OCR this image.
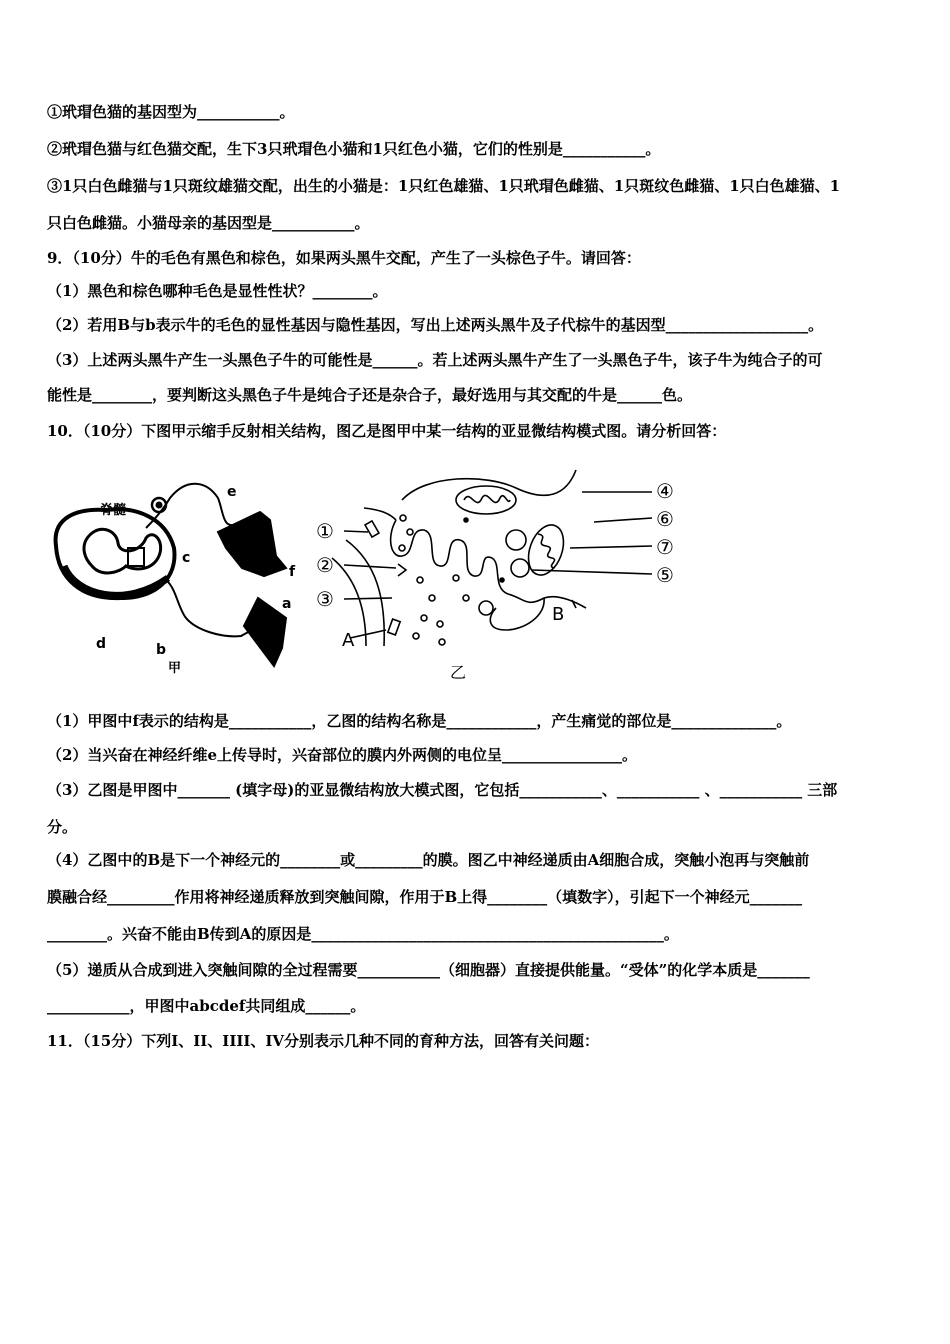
①玳瑁色猫的基因型为___________。
②玳瑁色猫与红色猫交配，生下3只玳瑁色小猫和1只红色小猫，它们的性别是___________。
③1只白色雌猫与1只斑纹雄猫交配，出生的小猫是：1只红色雄猫、1只玳瑁色雌猫、1只斑纹色雌猫、1只白色雄猫、1
只白色雌猫。小猫母亲的基因型是___________。
9．（10分）牛的毛色有黑色和棕色，如果两头黑牛交配，产生了一头棕色子牛。请回答：
（1）黑色和棕色哪种毛色是显性性状？________。
（2）若用B与b表示牛的毛色的显性基因与隐性基因，写出上述两头黑牛及子代棕牛的基因型___________________。
（3）上述两头黑牛产生一头黑色子牛的可能性是______。若上述两头黑牛产生了一头黑色子牛，该子牛为纯合子的可
能性是________，要判断这头黑色子牛是纯合子还是杂合子，最好选用与其交配的牛是______色。
10．（10分）下图甲示缩手反射相关结构，图乙是图甲中某一结构的亚显微结构模式图。请分析回答：
脊髓
e
c
f
a
d	b
甲
①
②
③
A
④
⑥
⑦
⑤
B
乙
（1）甲图中f表示的结构是___________，乙图的结构名称是____________，产生痛觉的部位是______________。
（2）当兴奋在神经纤维e上传导时，兴奋部位的膜内外两侧的电位呈________________。
（3）乙图是甲图中_______ (填字母)的亚显微结构放大模式图，它包括___________、___________ 、___________ 三部
分。
（4）乙图中的B是下一个神经元的________或_________的膜。图乙中神经递质由A细胞合成，突触小泡再与突触前
膜融合经_________作用将神经递质释放到突触间隙，作用于B上得________（填数字），引起下一个神经元_______
________。兴奋不能由B传到A的原因是_______________________________________________。
（5）递质从合成到进入突触间隙的全过程需要___________（细胞器）直接提供能量。“受体”的化学本质是_______
___________，甲图中abcdef共同组成______。
11．（15分）下列I、II、IIII、IV分别表示几种不同的育种方法，回答有关问题：
